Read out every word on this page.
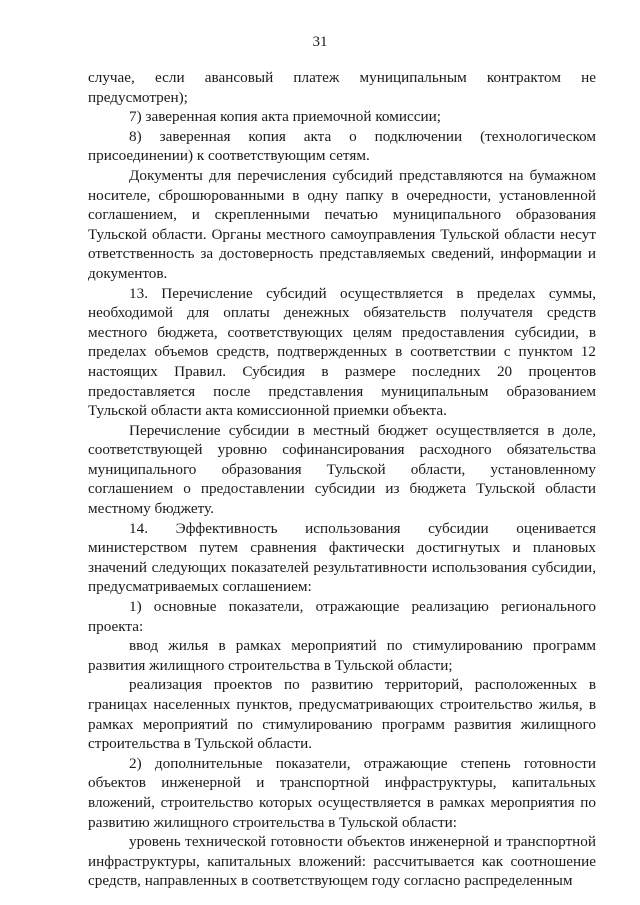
31

случае, если авансовый платеж муниципальным контрактом не предусмотрен);

7) заверенная копия акта приемочной комиссии;

8) заверенная копия акта о подключении (технологическом присоединении) к соответствующим сетям.

Документы для перечисления субсидий представляются на бумажном носителе, сброшюрованными в одну папку в очередности, установленной соглашением, и скрепленными печатью муниципального образования Тульской области. Органы местного самоуправления Тульской области несут ответственность за достоверность представляемых сведений, информации и документов.

13. Перечисление субсидий осуществляется в пределах суммы, необходимой для оплаты денежных обязательств получателя средств местного бюджета, соответствующих целям предоставления субсидии, в пределах объемов средств, подтвержденных в соответствии с пунктом 12 настоящих Правил. Субсидия в размере последних 20 процентов предоставляется после представления муниципальным образованием Тульской области акта комиссионной приемки объекта.

Перечисление субсидии в местный бюджет осуществляется в доле, соответствующей уровню софинансирования расходного обязательства муниципального образования Тульской области, установленному соглашением о предоставлении субсидии из бюджета Тульской области местному бюджету.

14. Эффективность использования субсидии оценивается министерством путем сравнения фактически достигнутых и плановых значений следующих показателей результативности использования субсидии, предусматриваемых соглашением:

1) основные показатели, отражающие реализацию регионального проекта:

ввод жилья в рамках мероприятий по стимулированию программ развития жилищного строительства в Тульской области;

реализация проектов по развитию территорий, расположенных в границах населенных пунктов, предусматривающих строительство жилья, в рамках мероприятий по стимулированию программ развития жилищного строительства в Тульской области.

2) дополнительные показатели, отражающие степень готовности объектов инженерной и транспортной инфраструктуры, капитальных вложений, строительство которых осуществляется в рамках мероприятия по развитию жилищного строительства в Тульской области:

уровень технической готовности объектов инженерной и транспортной инфраструктуры, капитальных вложений: рассчитывается как соотношение средств, направленных в соответствующем году согласно распределенным
